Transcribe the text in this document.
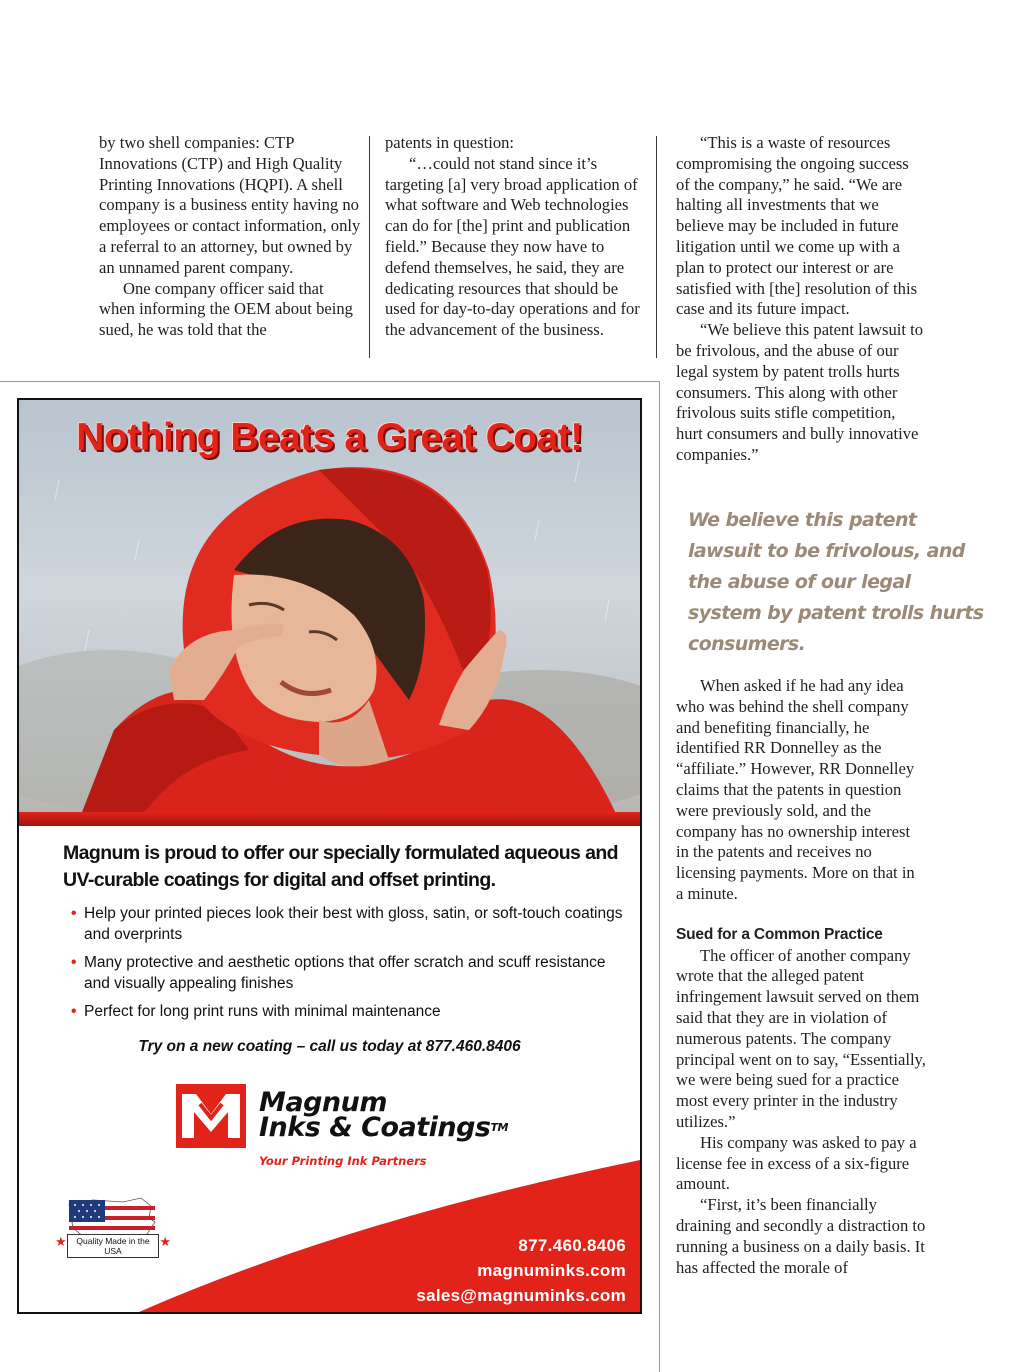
by two shell companies: CTP Innovations (CTP) and High Quality Printing Innovations (HQPI). A shell company is a business entity having no employees or contact information, only a referral to an attorney, but owned by an unnamed parent company.

One company officer said that when informing the OEM about being sued, he was told that the

patents in question:

“…could not stand since it’s targeting [a] very broad application of what software and Web technologies can do for [the] print and publication field.” Because they now have to defend themselves, he said, they are dedicating resources that should be used for day-to-day operations and for the advancement of the business.

“This is a waste of resources compromising the ongoing success of the company,” he said. “We are halting all investments that we believe may be included in future litigation until we come up with a plan to protect our interest or are satisfied with [the] resolution of this case and its future impact.

“We believe this patent lawsuit to be frivolous, and the abuse of our legal system by patent trolls hurts consumers. This along with other frivolous suits stifle competition, hurt consumers and bully innovative companies.”

We believe this patent lawsuit to be frivolous, and the abuse of our legal system by patent trolls hurts consumers.

When asked if he had any idea who was behind the shell company and benefiting financially, he identified RR Donnelley as the “affiliate.” However, RR Donnelley claims that the patents in question were previously sold, and the company has no ownership interest in the patents and receives no licensing payments. More on that in a minute.

Sued for a Common Practice

The officer of another company wrote that the alleged patent infringement lawsuit served on them said that they are in violation of numerous patents. The company principal went on to say, “Essentially, we were being sued for a practice most every printer in the industry utilizes.”

His company was asked to pay a license fee in excess of a six-figure amount.

“First, it’s been financially draining and secondly a distraction to running a business on a daily basis. It has affected the morale of

Nothing Beats a Great Coat!
Magnum is proud to offer our specially formulated aqueous and UV-curable coatings for digital and offset printing.
• Help your printed pieces look their best with gloss, satin, or soft-touch coatings and overprints
• Many protective and aesthetic options that offer scratch and scuff resistance and visually appealing finishes
• Perfect for long print runs with minimal maintenance
Try on a new coating – call us today at 877.460.8406
Magnum
Inks & Coatings™
Your Printing Ink Partners
877.460.8406
magnuminks.com
sales@magnuminks.com
★ Quality Made in the USA
★
